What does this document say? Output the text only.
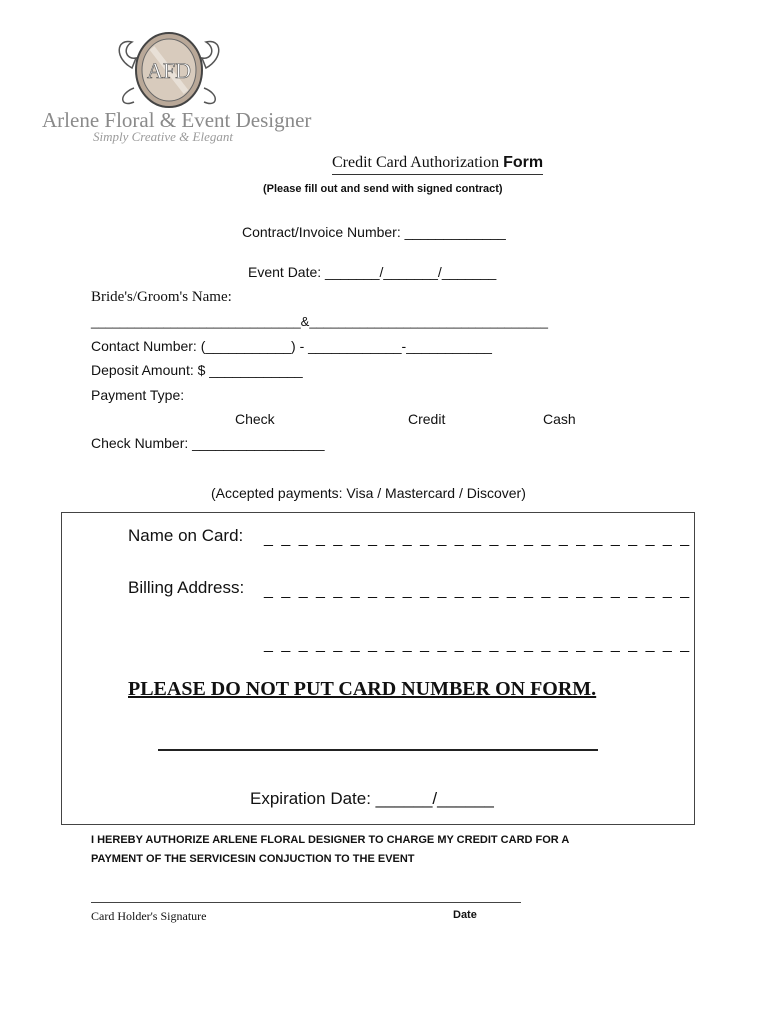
AFD
Arlene Floral & Event Designer
Simply Creative & Elegant
Credit Card Authorization Form
(Please fill out and send with signed contract)
Contract/Invoice Number: _____________
Event Date: _______/_______/_______
Bride's/Groom's Name:
_____________________________&_________________________________
Contact Number: (___________) - ____________-___________
Deposit Amount: $ ____________
Payment Type:
Check	Credit	Cash
Check Number: _________________
(Accepted payments: Visa / Mastercard / Discover)
Name on Card: _ _ _ _ _ _ _ _ _ _ _ _ _ _ _ _ _ _ _ _ _ _ _ _ _
Billing Address: _ _ _ _ _ _ _ _ _ _ _ _ _ _ _ _ _ _ _ _ _ _ _ _ _
_ _ _ _ _ _ _ _ _ _ _ _ _ _ _ _ _ _ _ _ _ _ _ _ _
PLEASE DO NOT PUT CARD NUMBER ON FORM.
Expiration Date: ______/______
I HEREBY AUTHORIZE ARLENE FLORAL DESIGNER TO CHARGE MY CREDIT CARD FOR A
PAYMENT OF THE SERVICESIN CONJUCTION TO THE EVENT
Card Holder's Signature	Date
